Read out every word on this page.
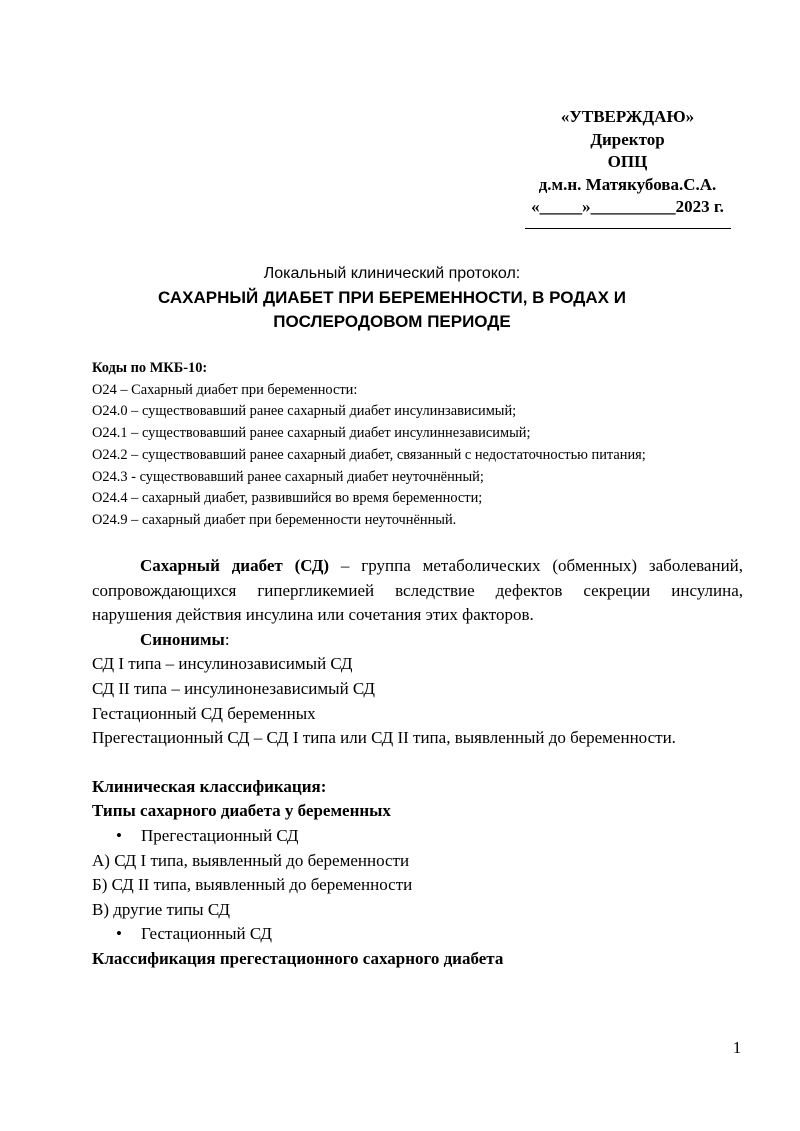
«УТВЕРЖДАЮ»
Директор
ОПЦ
д.м.н. Матякубова.С.А.
«_____»__________2023 г.
Локальный клинический протокол:
САХАРНЫЙ ДИАБЕТ ПРИ БЕРЕМЕННОСТИ, В РОДАХ И
ПОСЛЕРОДОВОМ ПЕРИОДЕ
Коды по МКБ-10:
О24 – Сахарный диабет при беременности:
О24.0 – существовавший ранее сахарный диабет инсулинзависимый;
О24.1 – существовавший ранее сахарный диабет инсулиннезависимый;
О24.2 – существовавший ранее сахарный диабет, связанный с недостаточностью питания;
О24.3 - существовавший ранее сахарный диабет неуточнённый;
О24.4 – сахарный диабет, развившийся во время беременности;
О24.9 – сахарный диабет при беременности неуточнённый.
Сахарный диабет (СД) – группа метаболических (обменных) заболеваний, сопровождающихся гипергликемией вследствие дефектов секреции инсулина, нарушения действия инсулина или сочетания этих факторов.
Синонимы:
СД I типа – инсулинозависимый СД
СД II типа – инсулинонезависимый СД
Гестационный СД беременных
Прегестационный СД – СД I типа или СД II типа, выявленный до беременности.
Клиническая классификация:
Типы сахарного диабета у беременных
• Прегестационный СД
А) СД I типа, выявленный до беременности
Б) СД II типа, выявленный до беременности
В) другие типы СД
• Гестационный СД
Классификация прегестационного сахарного диабета
1
